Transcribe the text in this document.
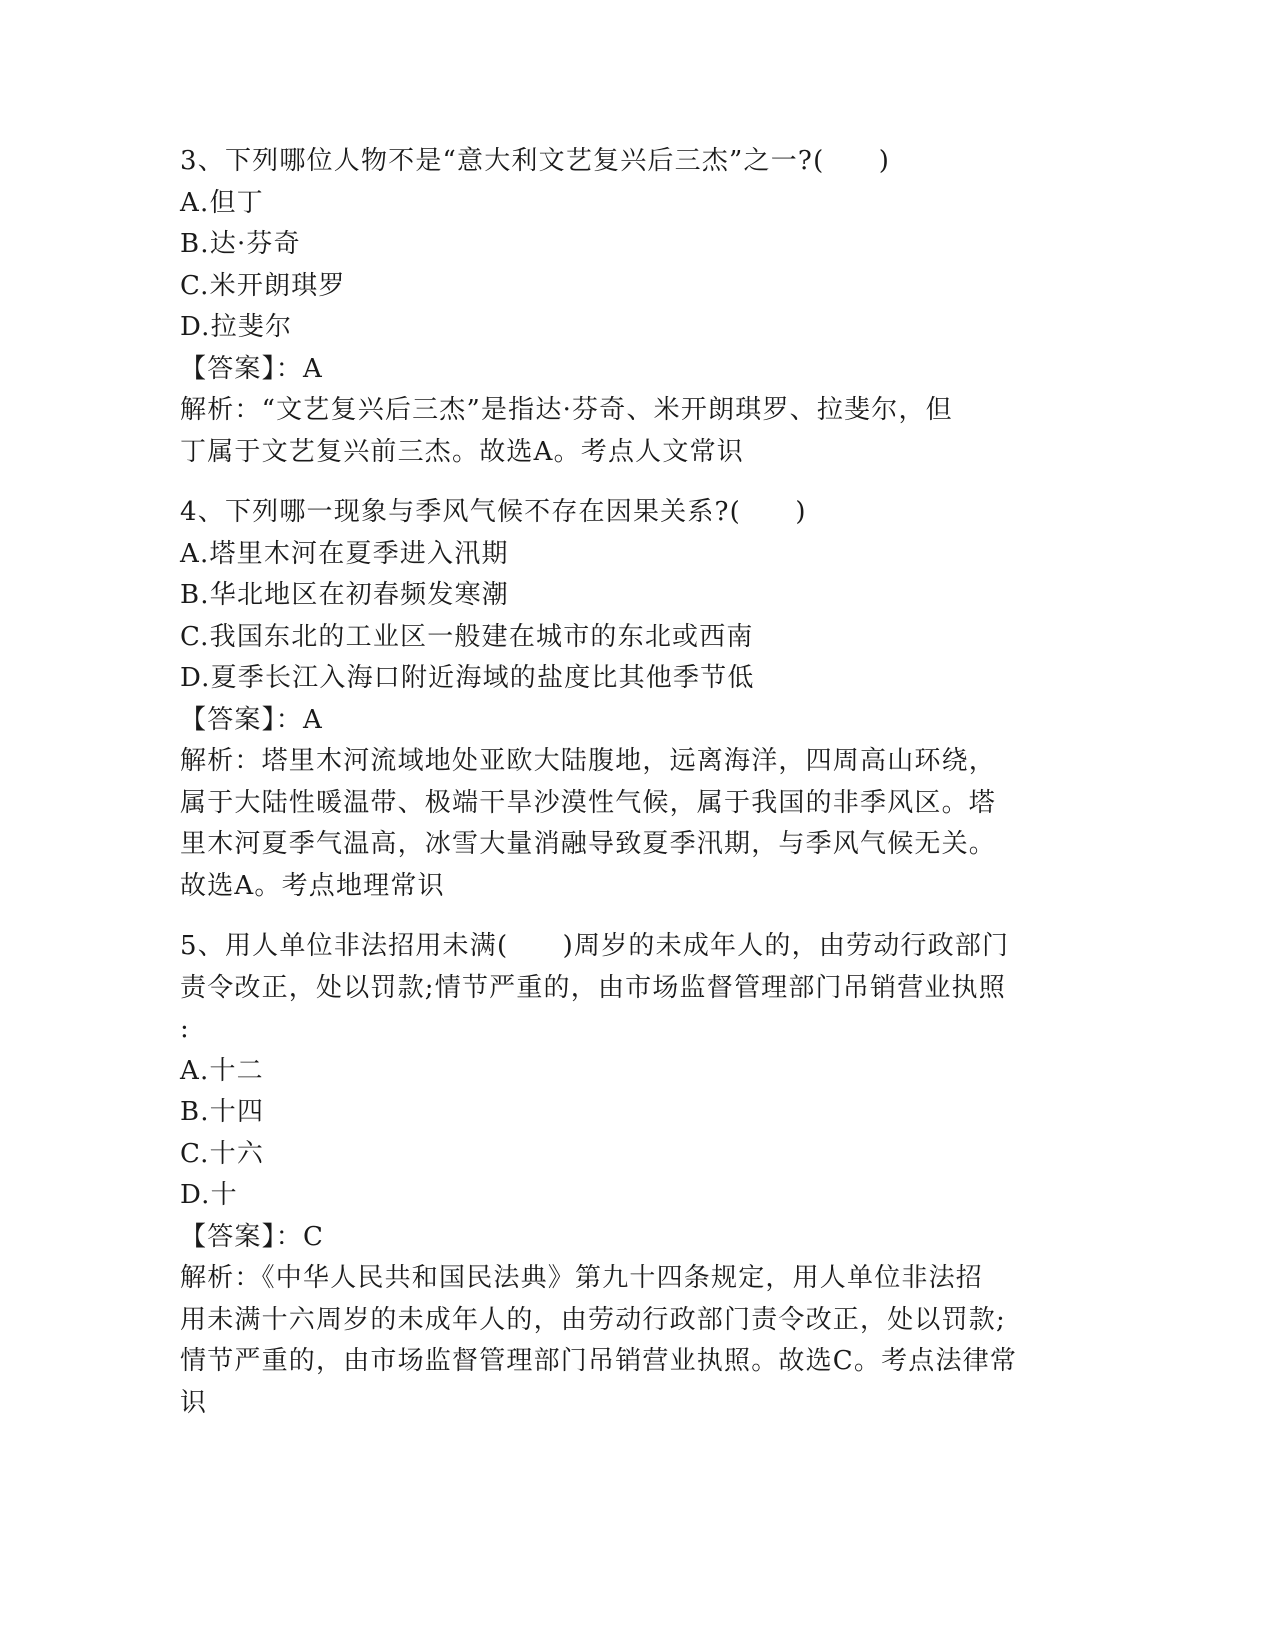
3、下列哪位人物不是“意大利文艺复兴后三杰”之一?(　　)
A.但丁
B.达·芬奇
C.米开朗琪罗
D.拉斐尔
【答案】：A
解析：“文艺复兴后三杰”是指达·芬奇、米开朗琪罗、拉斐尔，但
丁属于文艺复兴前三杰。故选A。考点人文常识
4、下列哪一现象与季风气候不存在因果关系?(　　)
A.塔里木河在夏季进入汛期
B.华北地区在初春频发寒潮
C.我国东北的工业区一般建在城市的东北或西南
D.夏季长江入海口附近海域的盐度比其他季节低
【答案】：A
解析：塔里木河流域地处亚欧大陆腹地，远离海洋，四周高山环绕，
属于大陆性暖温带、极端干旱沙漠性气候，属于我国的非季风区。塔
里木河夏季气温高，冰雪大量消融导致夏季汛期，与季风气候无关。
故选A。考点地理常识
5、用人单位非法招用未满(　　)周岁的未成年人的，由劳动行政部门
责令改正，处以罚款;情节严重的，由市场监督管理部门吊销营业执照
:
A.十二
B.十四
C.十六
D.十
【答案】：C
解析：《中华人民共和国民法典》第九十四条规定，用人单位非法招
用未满十六周岁的未成年人的，由劳动行政部门责令改正，处以罚款;
情节严重的，由市场监督管理部门吊销营业执照。故选C。考点法律常
识
